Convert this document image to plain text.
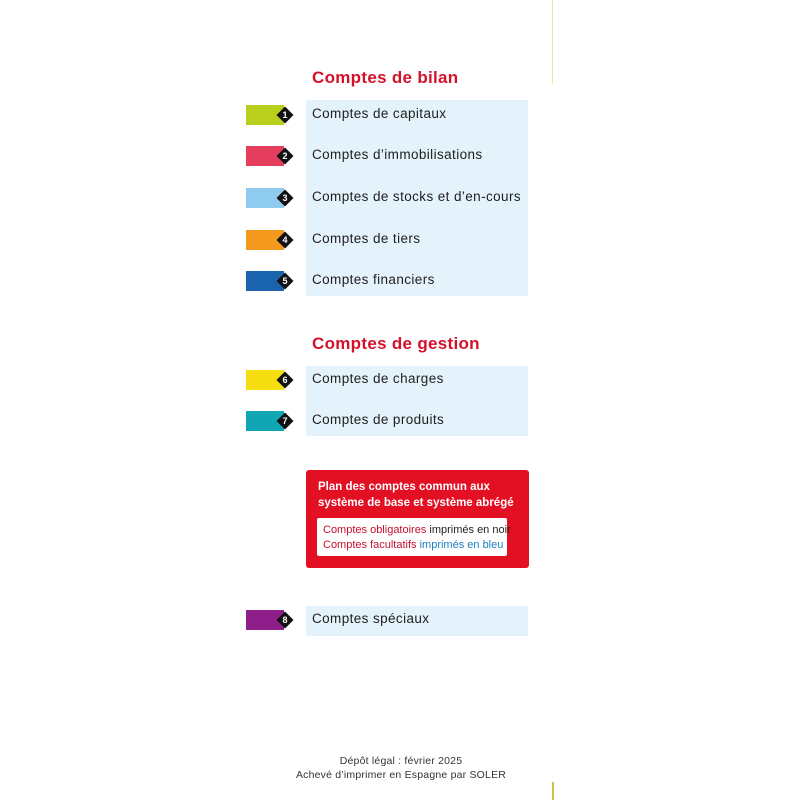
Comptes de bilan
1	Comptes de capitaux
2	Comptes d’immobilisations
3	Comptes de stocks et d’en-cours
4	Comptes de tiers
5	Comptes financiers
Comptes de gestion
6	Comptes de charges
7	Comptes de produits
Plan des comptes commun aux système de base et système abrégé
Comptes obligatoires imprimés en noir
Comptes facultatifs imprimés en bleu
8	Comptes spéciaux
Dépôt légal : février 2025
Achevé d’imprimer en Espagne par SOLER
